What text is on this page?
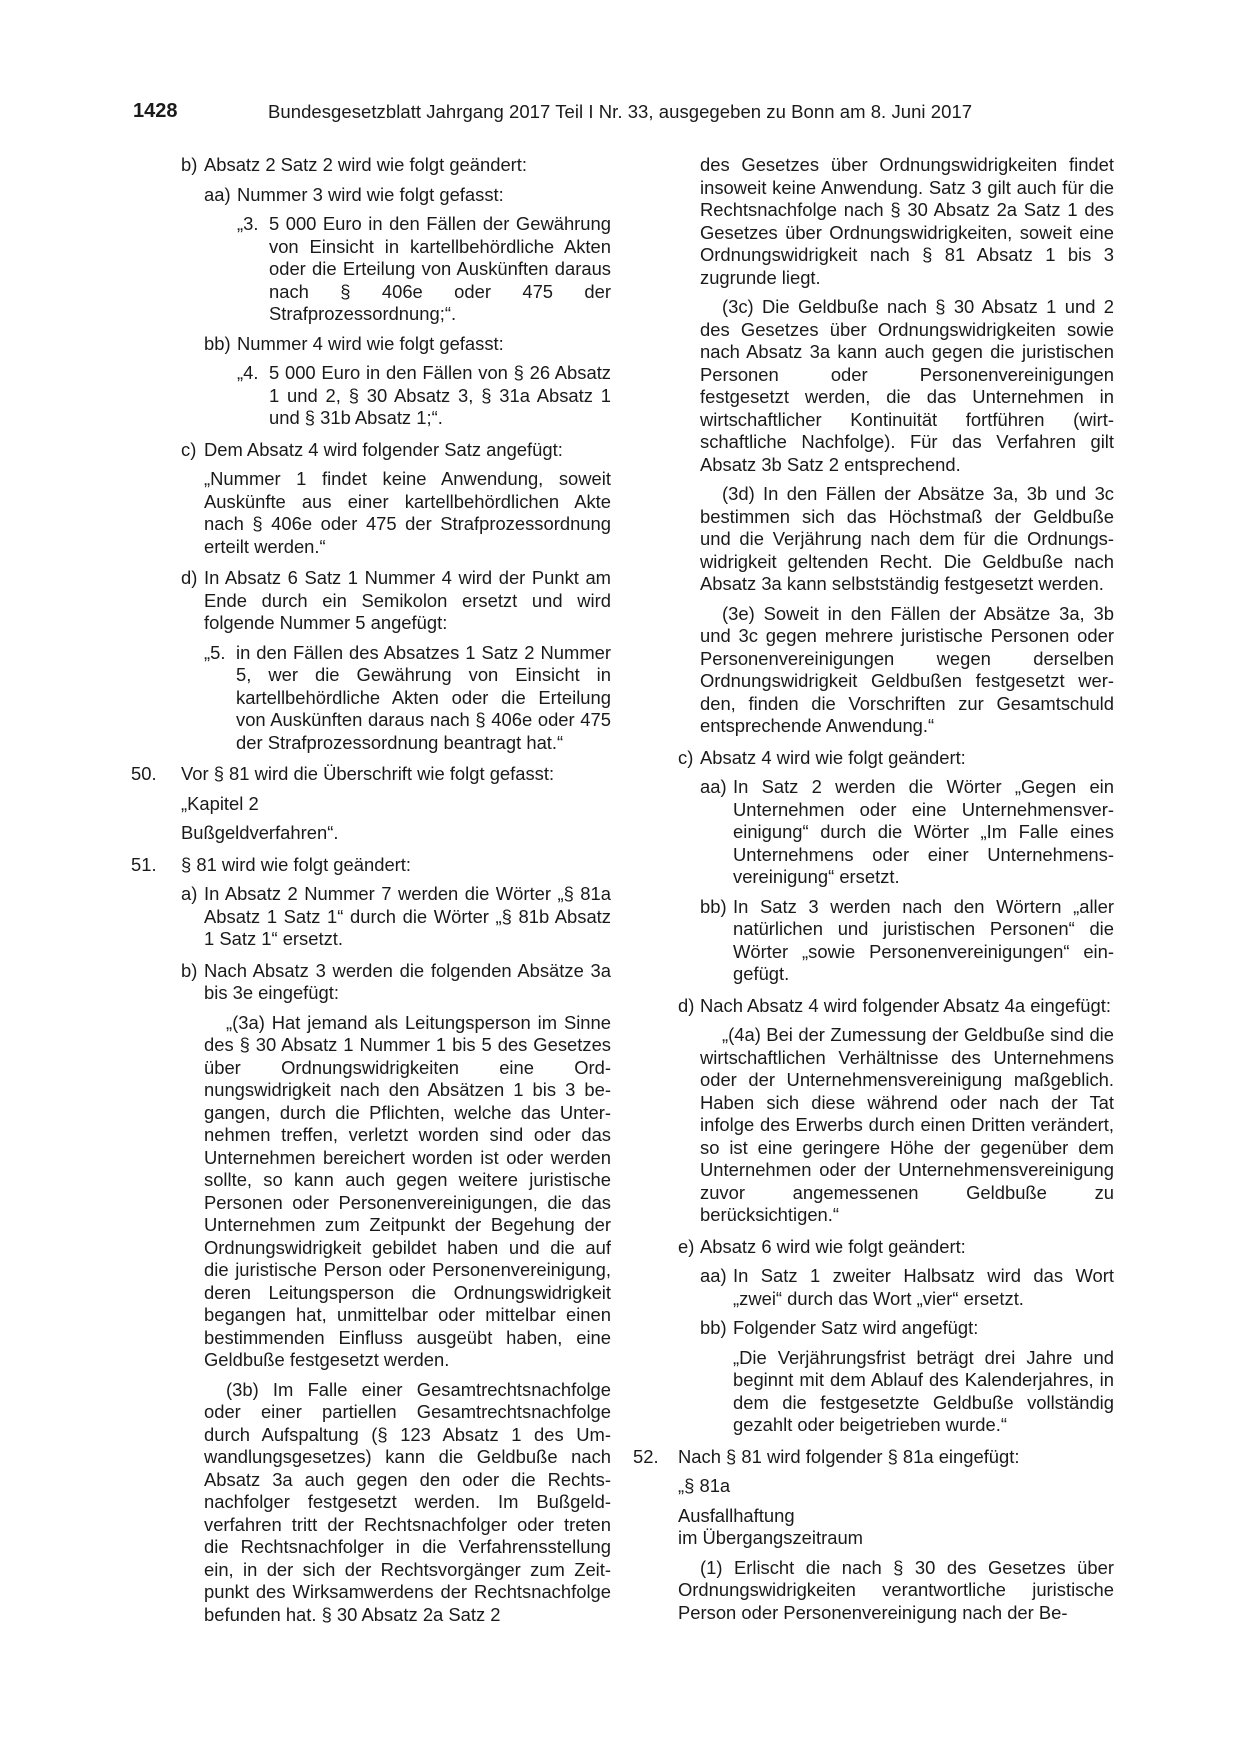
1428	Bundesgesetzblatt Jahrgang 2017 Teil I Nr. 33, ausgegeben zu Bonn am 8. Juni 2017
b) Absatz 2 Satz 2 wird wie folgt geändert:
aa) Nummer 3 wird wie folgt gefasst:
„3. 5 000 Euro in den Fällen der Gewährung von Einsicht in kartellbehördliche Akten oder die Erteilung von Auskünften daraus nach § 406e oder 475 der Strafprozessordnung;“.
bb) Nummer 4 wird wie folgt gefasst:
„4. 5 000 Euro in den Fällen von § 26 Absatz 1 und 2, § 30 Absatz 3, § 31a Absatz 1 und § 31b Absatz 1;“.
c) Dem Absatz 4 wird folgender Satz angefügt:
„Nummer 1 findet keine Anwendung, soweit Auskünfte aus einer kartellbehördlichen Akte nach § 406e oder 475 der Strafprozessordnung erteilt werden.“
d) In Absatz 6 Satz 1 Nummer 4 wird der Punkt am Ende durch ein Semikolon ersetzt und wird folgende Nummer 5 angefügt:
„5. in den Fällen des Absatzes 1 Satz 2 Nummer 5, wer die Gewährung von Einsicht in kartellbehördliche Akten oder die Erteilung von Auskünften daraus nach § 406e oder 475 der Strafprozessordnung beantragt hat.“
50. Vor § 81 wird die Überschrift wie folgt gefasst:
„Kapitel 2
Bußgeldverfahren“.
51. § 81 wird wie folgt geändert:
a) In Absatz 2 Nummer 7 werden die Wörter „§ 81a Absatz 1 Satz 1“ durch die Wörter „§ 81b Absatz 1 Satz 1“ ersetzt.
b) Nach Absatz 3 werden die folgenden Absätze 3a bis 3e eingefügt:
„(3a) Hat jemand als Leitungsperson im Sinne des § 30 Absatz 1 Nummer 1 bis 5 des Gesetzes über Ordnungswidrigkeiten eine Ordnungswidrigkeit nach den Absätzen 1 bis 3 begangen, durch die Pflichten, welche das Unternehmen treffen, verletzt worden sind oder das Unternehmen bereichert worden ist oder werden sollte, so kann auch gegen weitere juristische Personen oder Personenvereinigungen, die das Unternehmen zum Zeitpunkt der Begehung der Ordnungswidrigkeit gebildet haben und die auf die juristische Person oder Personenvereinigung, deren Leitungsperson die Ordnungswidrigkeit begangen hat, unmittelbar oder mittelbar einen bestimmenden Einfluss ausgeübt haben, eine Geldbuße festgesetzt werden.
(3b) Im Falle einer Gesamtrechtsnachfolge oder einer partiellen Gesamtrechtsnachfolge durch Aufspaltung (§ 123 Absatz 1 des Umwandlungsgesetzes) kann die Geldbuße nach Absatz 3a auch gegen den oder die Rechtsnachfolger festgesetzt werden. Im Bußgeldverfahren tritt der Rechtsnachfolger oder treten die Rechtsnachfolger in die Verfahrensstellung ein, in der sich der Rechtsvorgänger zum Zeitpunkt des Wirksamwerdens der Rechtsnachfolge befunden hat. § 30 Absatz 2a Satz 2
des Gesetzes über Ordnungswidrigkeiten findet insoweit keine Anwendung. Satz 3 gilt auch für die Rechtsnachfolge nach § 30 Absatz 2a Satz 1 des Gesetzes über Ordnungswidrigkeiten, soweit eine Ordnungswidrigkeit nach § 81 Absatz 1 bis 3 zugrunde liegt.
(3c) Die Geldbuße nach § 30 Absatz 1 und 2 des Gesetzes über Ordnungswidrigkeiten sowie nach Absatz 3a kann auch gegen die juristischen Personen oder Personenvereinigungen festgesetzt werden, die das Unternehmen in wirtschaftlicher Kontinuität fortführen (wirtschaftliche Nachfolge). Für das Verfahren gilt Absatz 3b Satz 2 entsprechend.
(3d) In den Fällen der Absätze 3a, 3b und 3c bestimmen sich das Höchstmaß der Geldbuße und die Verjährung nach dem für die Ordnungswidrigkeit geltenden Recht. Die Geldbuße nach Absatz 3a kann selbstständig festgesetzt werden.
(3e) Soweit in den Fällen der Absätze 3a, 3b und 3c gegen mehrere juristische Personen oder Personenvereinigungen wegen derselben Ordnungswidrigkeit Geldbußen festgesetzt werden, finden die Vorschriften zur Gesamtschuld entsprechende Anwendung.“
c) Absatz 4 wird wie folgt geändert:
aa) In Satz 2 werden die Wörter „Gegen ein Unternehmen oder eine Unternehmensvereinigung“ durch die Wörter „Im Falle eines Unternehmens oder einer Unternehmensvereinigung“ ersetzt.
bb) In Satz 3 werden nach den Wörtern „aller natürlichen und juristischen Personen“ die Wörter „sowie Personenvereinigungen“ eingefügt.
d) Nach Absatz 4 wird folgender Absatz 4a eingefügt:
„(4a) Bei der Zumessung der Geldbuße sind die wirtschaftlichen Verhältnisse des Unternehmens oder der Unternehmensvereinigung maßgeblich. Haben sich diese während oder nach der Tat infolge des Erwerbs durch einen Dritten verändert, so ist eine geringere Höhe der gegenüber dem Unternehmen oder der Unternehmensvereinigung zuvor angemessenen Geldbuße zu berücksichtigen.“
e) Absatz 6 wird wie folgt geändert:
aa) In Satz 1 zweiter Halbsatz wird das Wort „zwei“ durch das Wort „vier“ ersetzt.
bb) Folgender Satz wird angefügt:
„Die Verjährungsfrist beträgt drei Jahre und beginnt mit dem Ablauf des Kalenderjahres, in dem die festgesetzte Geldbuße vollständig gezahlt oder beigetrieben wurde.“
52. Nach § 81 wird folgender § 81a eingefügt:
„§ 81a
Ausfallhaftung
im Übergangszeitraum
(1) Erlischt die nach § 30 des Gesetzes über Ordnungswidrigkeiten verantwortliche juristische Person oder Personenvereinigung nach der Be-
